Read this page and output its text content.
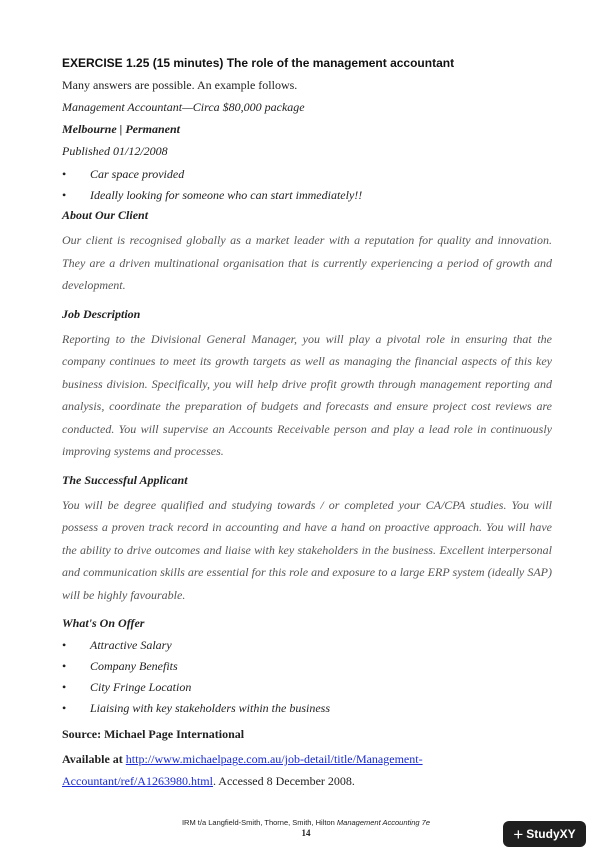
EXERCISE 1.25 (15 minutes) The role of the management accountant

Many answers are possible. An example follows.

Management Accountant—Circa $80,000 package

Melbourne | Permanent

Published 01/12/2008

• Car space provided
• Ideally looking for someone who can start immediately!!
About Our Client

Our client is recognised globally as a market leader with a reputation for quality and innovation. They are a driven multinational organisation that is currently experiencing a period of growth and development.

Job Description

Reporting to the Divisional General Manager, you will play a pivotal role in ensuring that the company continues to meet its growth targets as well as managing the financial aspects of this key business division. Specifically, you will help drive profit growth through management reporting and analysis, coordinate the preparation of budgets and forecasts and ensure project cost reviews are conducted. You will supervise an Accounts Receivable person and play a lead role in continuously improving systems and processes.

The Successful Applicant

You will be degree qualified and studying towards / or completed your CA/CPA studies. You will possess a proven track record in accounting and have a hand on proactive approach. You will have the ability to drive outcomes and liaise with key stakeholders in the business. Excellent interpersonal and communication skills are essential for this role and exposure to a large ERP system (ideally SAP) will be highly favourable.

What's On Offer
• Attractive Salary
• Company Benefits
• City Fringe Location
• Liaising with key stakeholders within the business
Source: Michael Page International

Available at http://www.michaelpage.com.au/job-detail/title/Management-
Accountant/ref/A1263980.html. Accessed 8 December 2008.

IRM t/a Langfield-Smith, Thorne, Smith, Hilton Management Accounting 7e
14	+ StudyXY
